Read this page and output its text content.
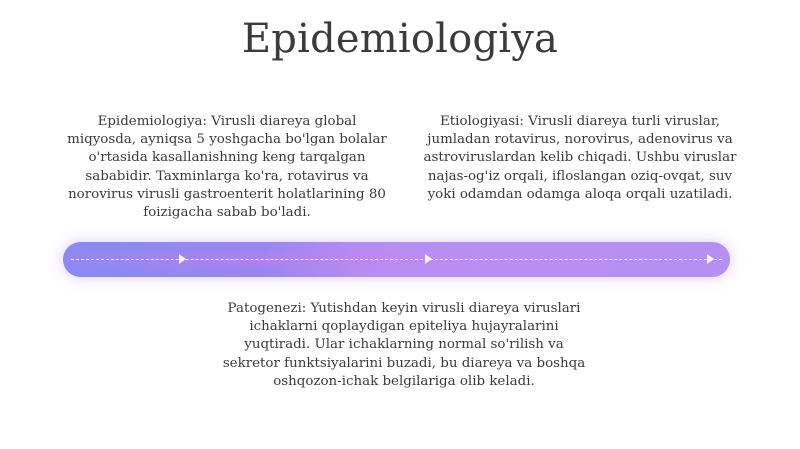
Epidemiologiya
Epidemiologiya: Virusli diareya global miqyosda, ayniqsa 5 yoshgacha bo'lgan bolalar o'rtasida kasallanishning keng tarqalgan sababidir. Taxminlarga ko'ra, rotavirus va norovirus virusli gastroenterit holatlarining 80 foizigacha sabab bo'ladi.
Etiologiyasi: Virusli diareya turli viruslar, jumladan rotavirus, norovirus, adenovirus va astroviruslardan kelib chiqadi. Ushbu viruslar najas-og'iz orqali, ifloslangan oziq-ovqat, suv yoki odamdan odamga aloqa orqali uzatiladi.
Patogenezi: Yutishdan keyin virusli diareya viruslari ichaklarni qoplaydigan epiteliya hujayralarini yuqtiradi. Ular ichaklarning normal so'rilish va sekretor funktsiyalarini buzadi, bu diareya va boshqa oshqozon-ichak belgilariga olib keladi.
